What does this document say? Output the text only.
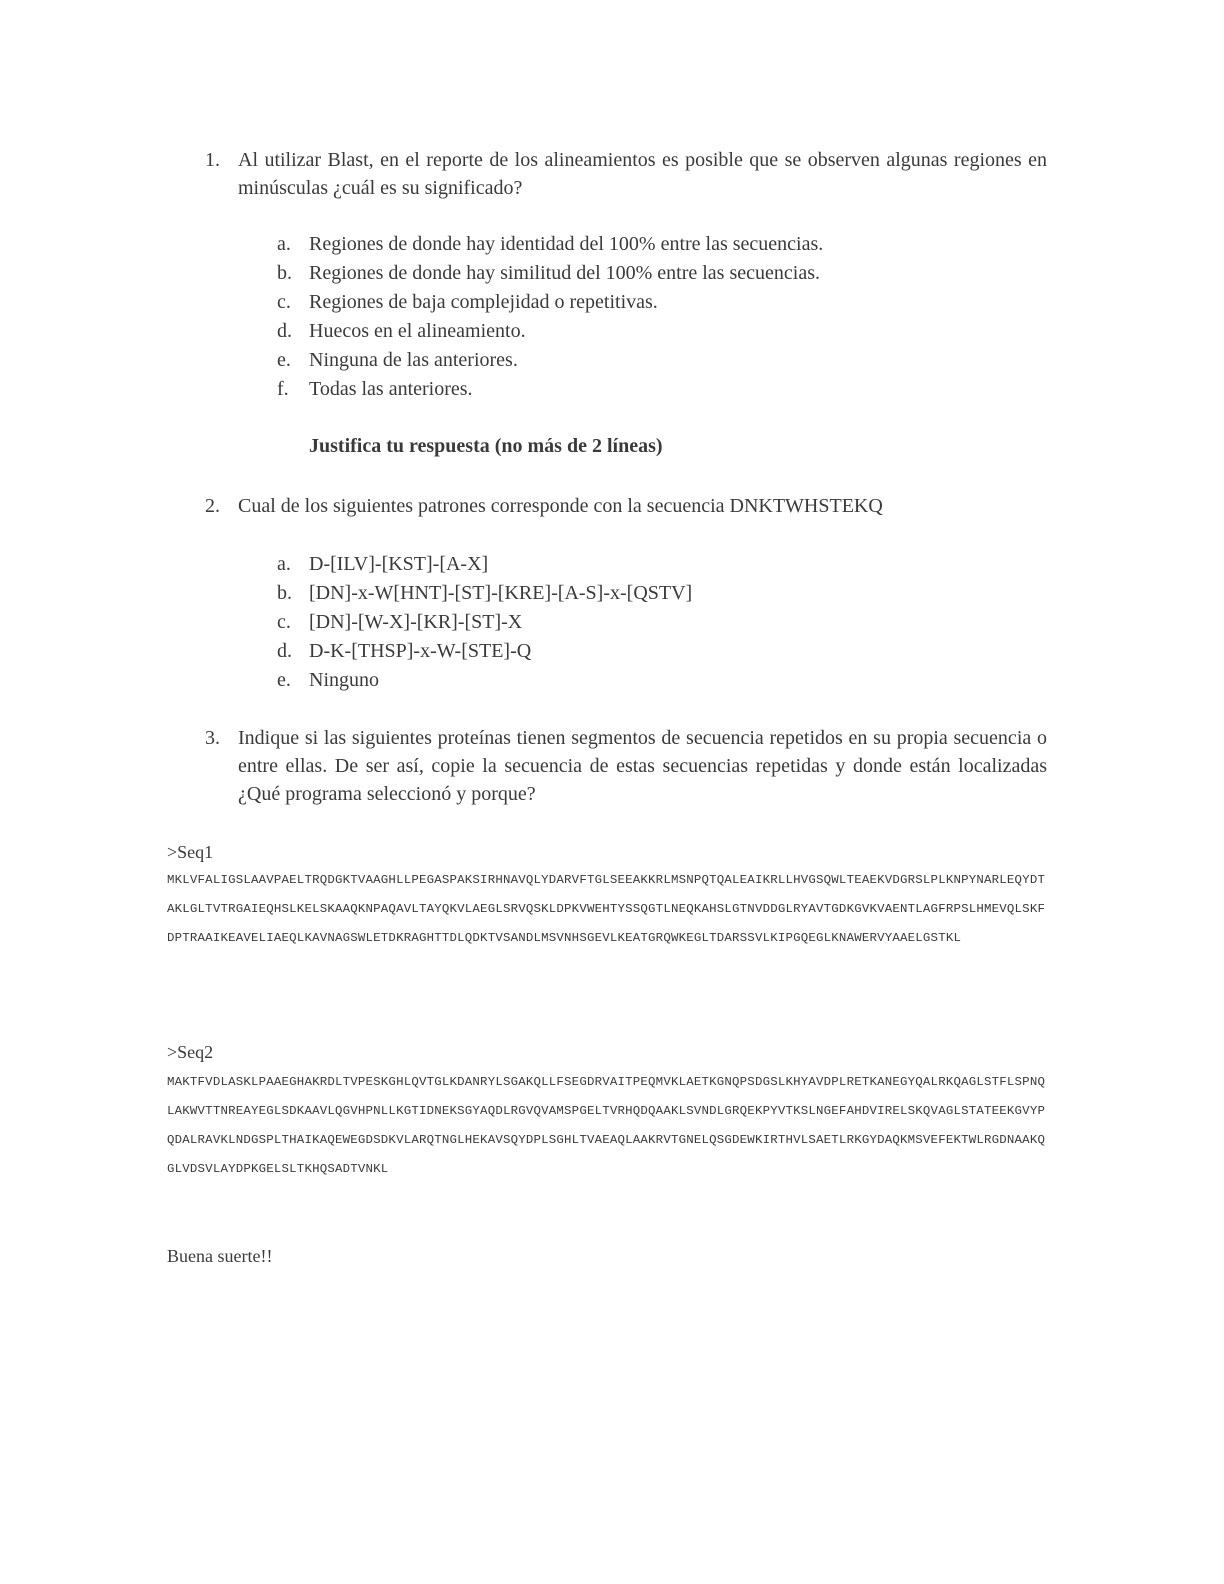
1. Al utilizar Blast, en el reporte de los alineamientos es posible que se observen algunas regiones en minúsculas ¿cuál es su significado?
a. Regiones de donde hay identidad del 100% entre las secuencias.
b. Regiones de donde hay similitud del 100% entre las secuencias.
c. Regiones de baja complejidad o repetitivas.
d. Huecos en el alineamiento.
e. Ninguna de las anteriores.
f. Todas las anteriores.
Justifica tu respuesta (no más de 2 líneas)
2. Cual de los siguientes patrones corresponde con la secuencia DNKTWHSTEKQ
a. D-[ILV]-[KST]-[A-X]
b. [DN]-x-W[HNT]-[ST]-[KRE]-[A-S]-x-[QSTV]
c. [DN]-[W-X]-[KR]-[ST]-X
d. D-K-[THSP]-x-W-[STE]-Q
e. Ninguno
3. Indique si las siguientes proteínas tienen segmentos de secuencia repetidos en su propia secuencia o entre ellas. De ser así, copie la secuencia de estas secuencias repetidas y donde están localizadas ¿Qué programa seleccionó y porque?
>Seq1
MKLVFALIGSLAAVPAELTRQDGKTVAAGHLLPEGASPAKSIRHNAVQLYDARVFTGLSEEAKKRLMSNPQTQALEAIKRLLHVGSQWLTEAEKVDGRSLPLKNPYNARLEQYDTAKLGLTVTRGAIEQHSLKELSKAAQKNPAQAVLTAYQKVLAEGLSRVQSKLDPKVWEHTYSSQGTLNEQKAHSLGTNVDDGLRYAVTGDKGVKVAENTLAGFRPSLHMEVQLSKFDPTRAAIKEAVELIAEQLKAVNAGSWLETDKRAGHTTDLQDKTVSANDLMSVNHSGEVLKEATGRQWKEGLTDARSSVLKIPGQEGLKNAWERVYAAELGSTKL
>Seq2
MAKTFVDLASKLPAAEGHAKRDLTVPESKGHLQVTGLKDANRYLSGAKQLLFSEGDRVAITPEQMVKLAETKGNQPSDGSLKHYAVDPLRETKANEGYQALRKQAGLSTFLSPNQLAKWVTTNREAYEGLSDKAAVLQGVHPNLLKGTIDNEKSGYAQDLRGVQVAMSPGELTVRHQDQAAKLSVNDLGRQEKPYVTKSLNGEFAHDVIRELSKQVAGLSTATEEKGVYPQDALRAVKLNDGSPLTHAIKAQEWEGDSDKVLARQTNGLHEKAVSQYDPLSGHLTVAEAQLAAKRVTGNELQSGDEWKIRTHVLSAETLRKGYDAQKMSVEFEKTWLRGDNAAKQGLVDSVLAYDPKGELSLTKHQSADTVNKL
Buena suerte!!
